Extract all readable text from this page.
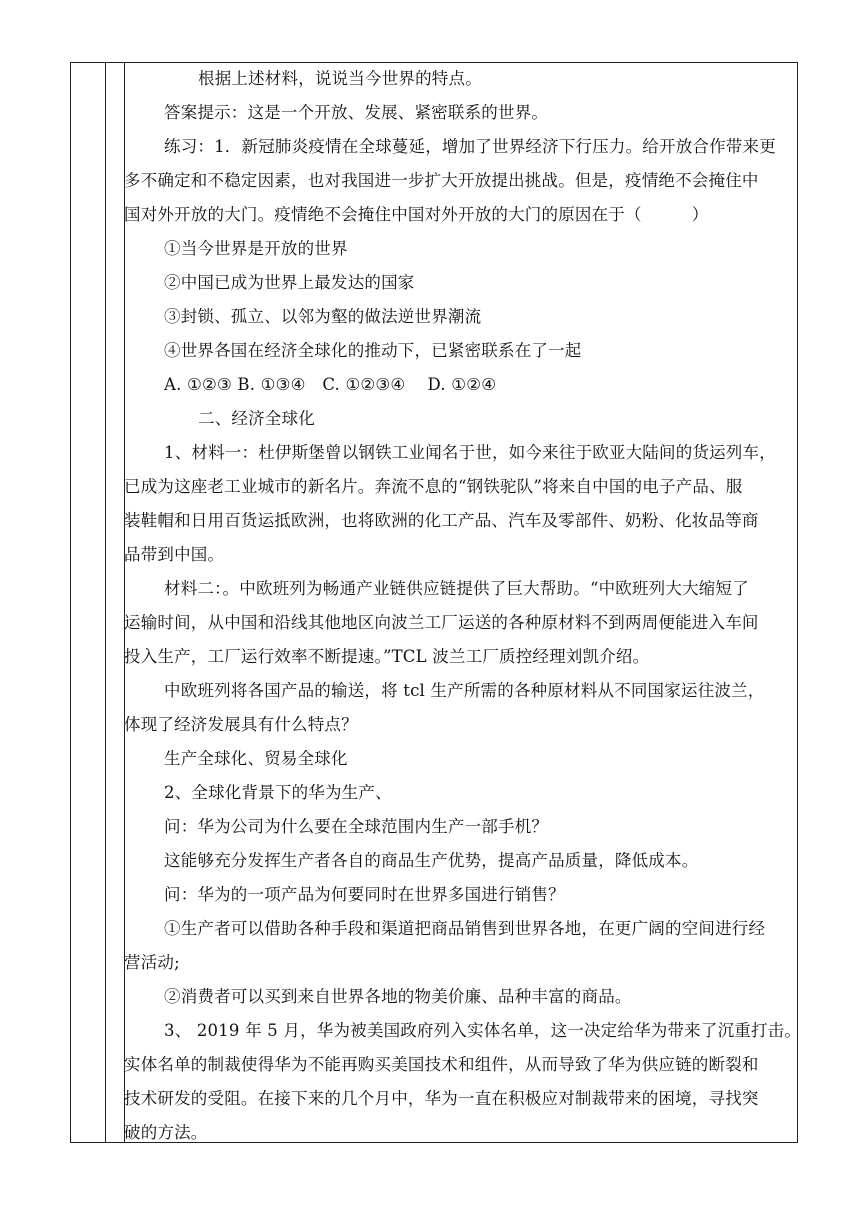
根据上述材料，说说当今世界的特点。
答案提示：这是一个开放、发展、紧密联系的世界。
练习：1．新冠肺炎疫情在全球蔓延，增加了世界经济下行压力。给开放合作带来更
多不确定和不稳定因素，也对我国进一步扩大开放提出挑战。但是，疫情绝不会掩住中
国对外开放的大门。疫情绝不会掩住中国对外开放的大门的原因在于（　　　）
①当今世界是开放的世界
②中国已成为世界上最发达的国家
③封锁、孤立、以邻为壑的做法逆世界潮流
④世界各国在经济全球化的推动下，已紧密联系在了一起
A. ①②③ B. ①③④　C. ①②③④　 D. ①②④
二、经济全球化
1、材料一：杜伊斯堡曾以钢铁工业闻名于世，如今来往于欧亚大陆间的货运列车，
已成为这座老工业城市的新名片。奔流不息的“钢铁驼队”将来自中国的电子产品、服
装鞋帽和日用百货运抵欧洲，也将欧洲的化工产品、汽车及零部件、奶粉、化妆品等商
品带到中国。
材料二：。中欧班列为畅通产业链供应链提供了巨大帮助。“中欧班列大大缩短了
运输时间，从中国和沿线其他地区向波兰工厂运送的各种原材料不到两周便能进入车间
投入生产，工厂运行效率不断提速。”TCL 波兰工厂质控经理刘凯介绍。
中欧班列将各国产品的输送，将 tcl 生产所需的各种原材料从不同国家运往波兰，
体现了经济发展具有什么特点？
生产全球化、贸易全球化
2、全球化背景下的华为生产、
问：华为公司为什么要在全球范围内生产一部手机？
这能够充分发挥生产者各自的商品生产优势，提高产品质量，降低成本。
问：华为的一项产品为何要同时在世界多国进行销售？
①生产者可以借助各种手段和渠道把商品销售到世界各地，在更广阔的空间进行经
营活动;
②消费者可以买到来自世界各地的物美价廉、品种丰富的商品。
3、 2019 年 5 月，华为被美国政府列入实体名单，这一决定给华为带来了沉重打击。
实体名单的制裁使得华为不能再购买美国技术和组件，从而导致了华为供应链的断裂和
技术研发的受阻。在接下来的几个月中，华为一直在积极应对制裁带来的困境，寻找突
破的方法。
